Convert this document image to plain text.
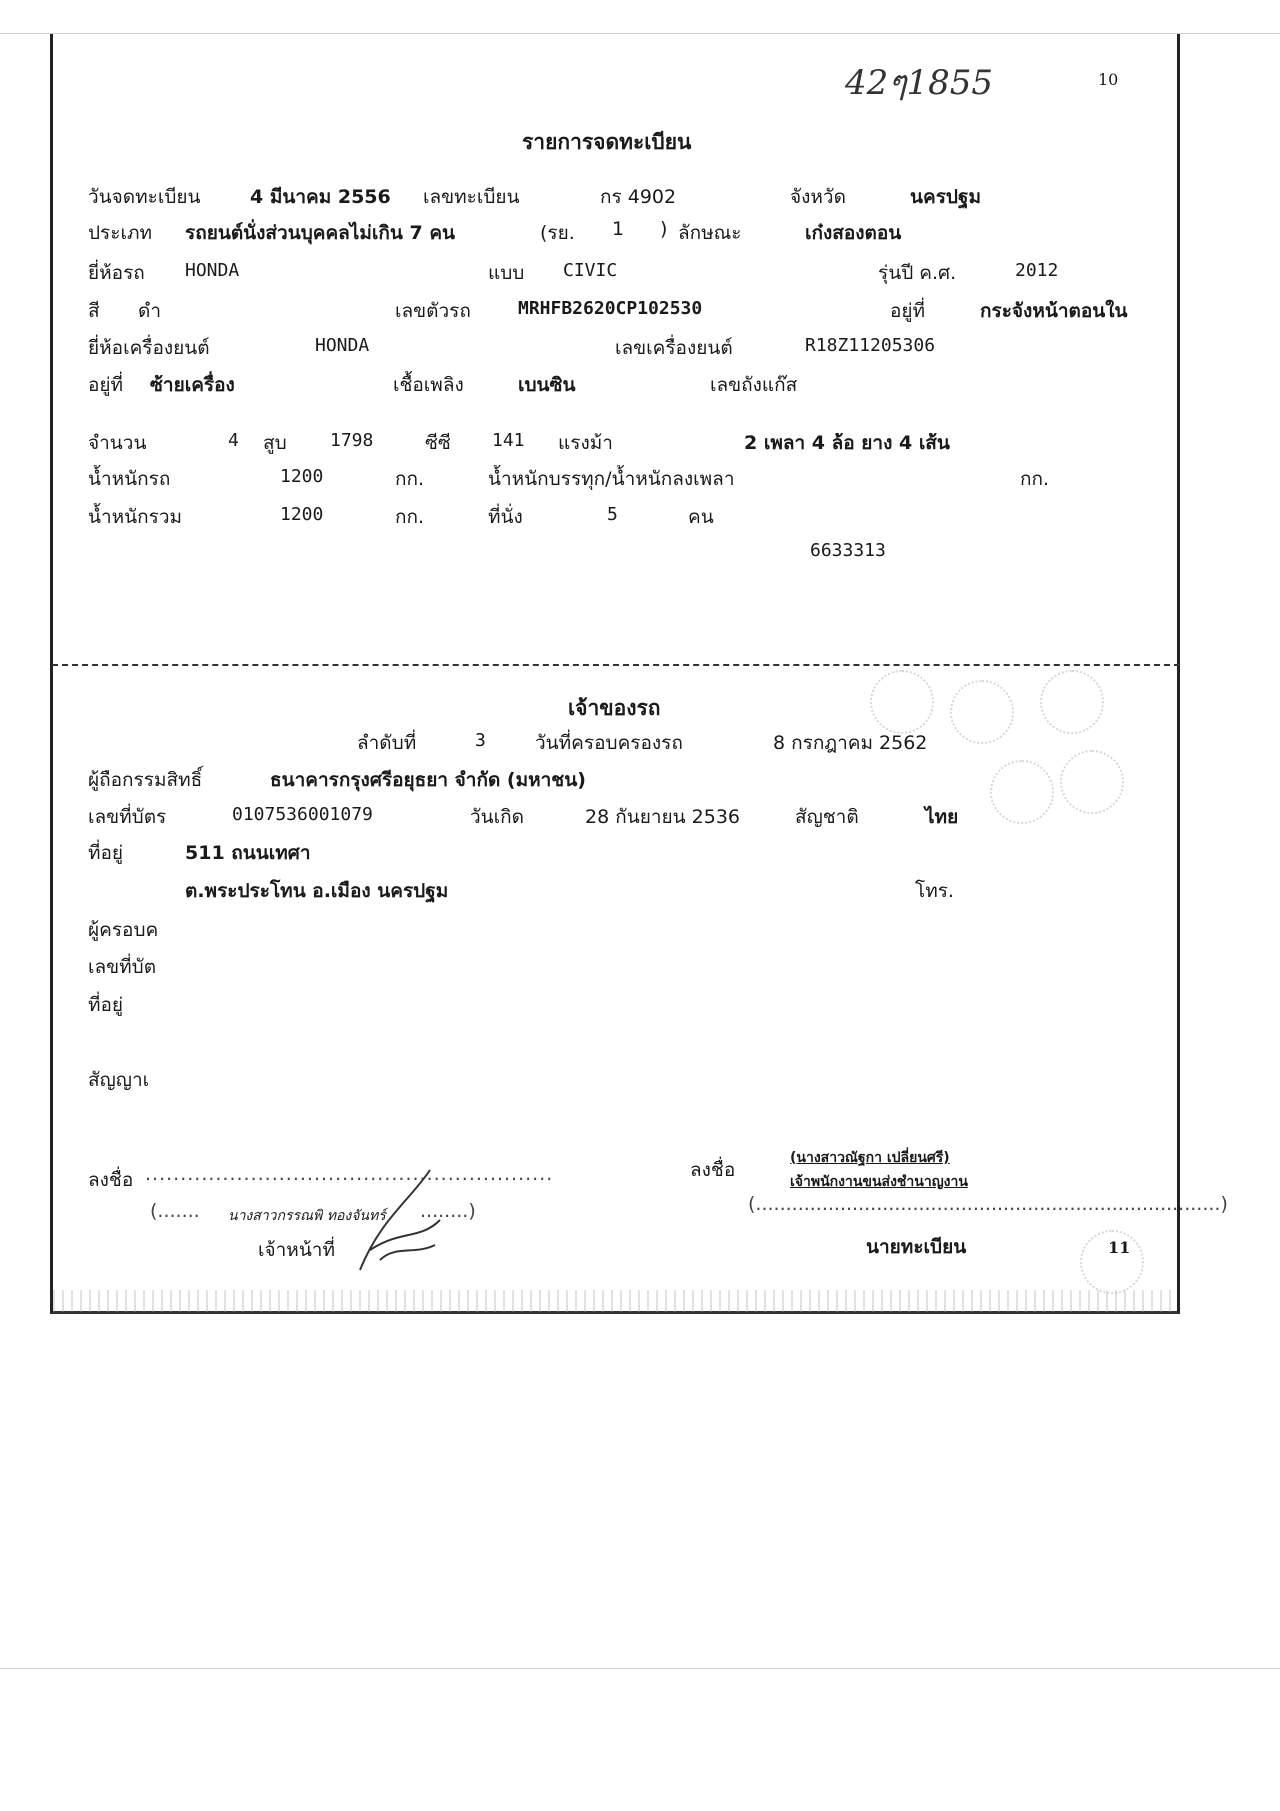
42ๆ1855	10
รายการจดทะเบียน
วันจดทะเบียน	4 มีนาคม 2556 เลขทะเบียน	กร 4902	จังหวัด	นครปฐม
ประเภท รถยนต์นั่งส่วนบุคคลไม่เกิน 7 คน	(รย. 1 ) ลักษณะ	เก๋งสองตอน
ยี่ห้อรถ HONDA	แบบ CIVIC	รุ่นปี ค.ศ.	2012
สี ดำ	เลขตัวรถ	MRHFB2620CP102530	อยู่ที่	กระจังหน้าตอนใน
ยี่ห้อเครื่องยนต์	HONDA	เลขเครื่องยนต์	R18Z11205306
อยู่ที่ ซ้ายเครื่อง	เชื้อเพลิง	เบนซิน	เลขถังแก๊ส
จำนวน	4 สูบ 1798	ซีซี 141 แรงม้า	2 เพลา 4 ล้อ ยาง 4 เส้น
น้ำหนักรถ	1200	กก.	น้ำหนักบรรทุก/น้ำหนักลงเพลา	กก.
น้ำหนักรวม	1200	กก.	ที่นั่ง	5	คน
6633313
เจ้าของรถ
ลำดับที่	3	วันที่ครอบครองรถ	8 กรกฎาคม 2562
ผู้ถือกรรมสิทธิ์	ธนาคารกรุงศรีอยุธยา จำกัด (มหาชน)
เลขที่บัตร	0107536001079	วันเกิด	28 กันยายน 2536	สัญชาติ	ไทย
ที่อยู่	511 ถนนเทศา
ต.พระประโทน อ.เมือง นครปฐม	โทร.
ผู้ครอบค
เลขที่บัต
ที่อยู่
สัญญาเ
ลงชื่อ ..........................................................
(....... นางสาวกรรณพิ ทองจันทร์ ........)
เจ้าหน้าที่
ลงชื่อ
(นางสาวณัฐกา เปลี่ยนศรี)
เจ้าพนักงานขนส่งชำนาญงาน
(.............................................................................)
นายทะเบียน	11
